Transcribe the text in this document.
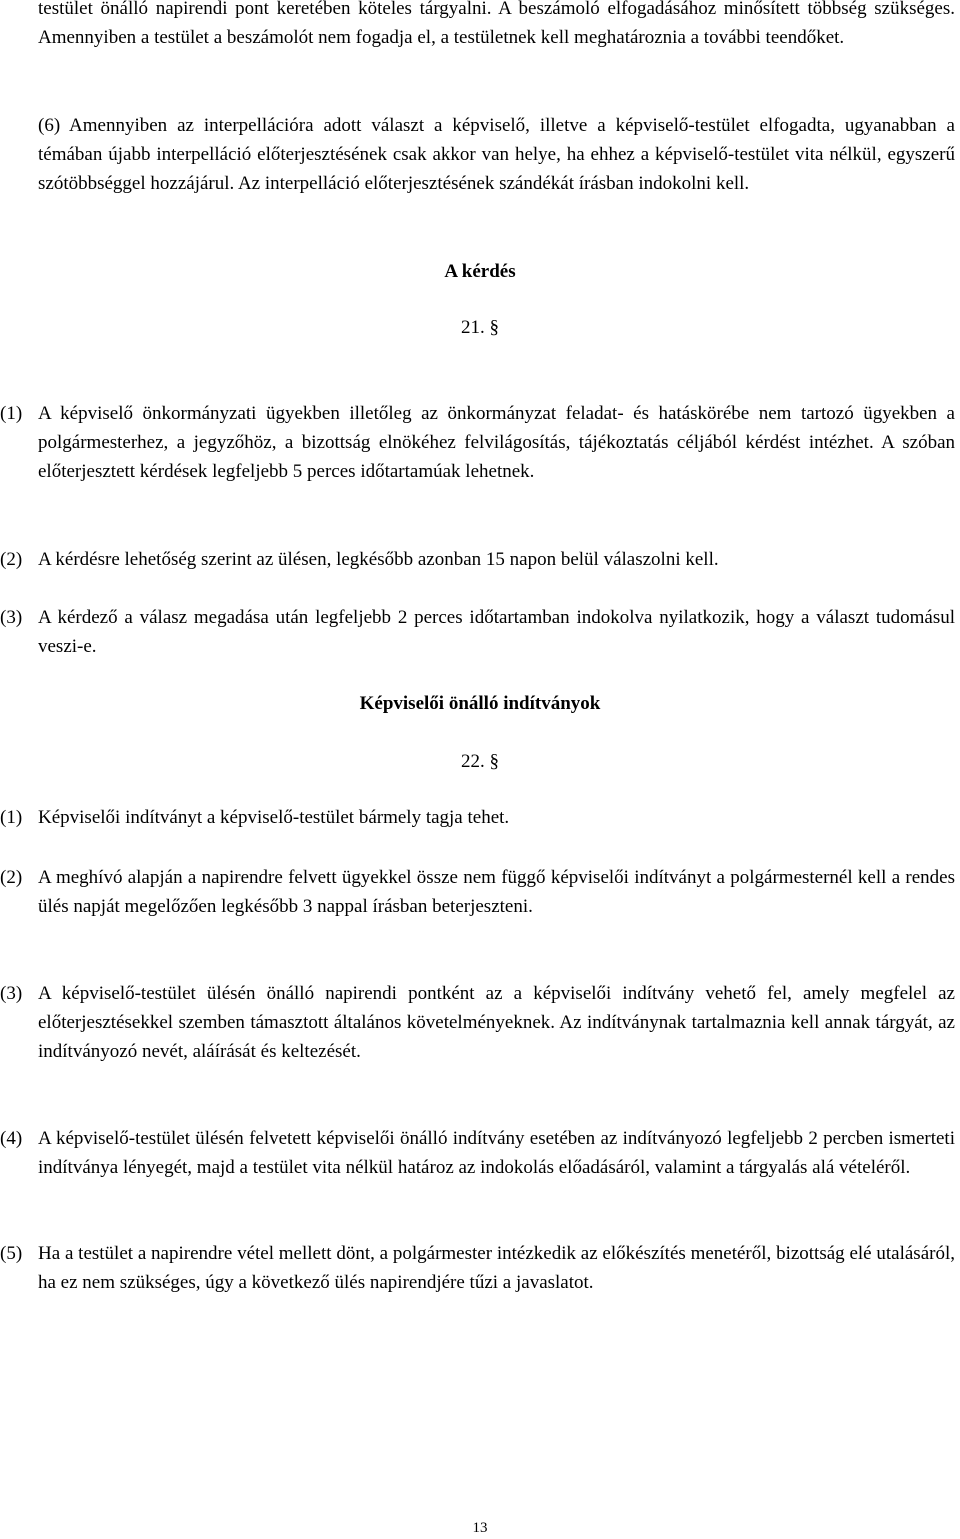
testület önálló napirendi pont keretében köteles tárgyalni. A beszámoló elfogadásához minősített többség szükséges. Amennyiben a testület a beszámolót nem fogadja el, a testületnek kell meghatároznia a további teendőket.
(6) Amennyiben az interpellációra adott választ a képviselő, illetve a képviselő-testület elfogadta, ugyanabban a témában újabb interpelláció előterjesztésének csak akkor van helye, ha ehhez a képviselő-testület vita nélkül, egyszerű szótöbbséggel hozzájárul. Az interpelláció előterjesztésének szándékát írásban indokolni kell.
A kérdés
21. §
(1) A képviselő önkormányzati ügyekben illetőleg az önkormányzat feladat- és hatáskörébe nem tartozó ügyekben a polgármesterhez, a jegyzőhöz, a bizottság elnökéhez felvilágosítás, tájékoztatás céljából kérdést intézhet. A szóban előterjesztett kérdések legfeljebb 5 perces időtartamúak lehetnek.
(2) A kérdésre lehetőség szerint az ülésen, legkésőbb azonban 15 napon belül válaszolni kell.
(3) A kérdező a válasz megadása után legfeljebb 2 perces időtartamban indokolva nyilatkozik, hogy a választ tudomásul veszi-e.
Képviselői önálló indítványok
22. §
(1) Képviselői indítványt a képviselő-testület bármely tagja tehet.
(2) A meghívó alapján a napirendre felvett ügyekkel össze nem függő képviselői indítványt a polgármesternél kell a rendes ülés napját megelőzően legkésőbb 3 nappal írásban beterjeszteni.
(3) A képviselő-testület ülésén önálló napirendi pontként az a képviselői indítvány vehető fel, amely megfelel az előterjesztésekkel szemben támasztott általános követelményeknek. Az indítványnak tartalmaznia kell annak tárgyát, az indítványozó nevét, aláírását és keltezését.
(4) A képviselő-testület ülésén felvetett képviselői önálló indítvány esetében az indítványozó legfeljebb 2 percben ismerteti indítványa lényegét, majd a testület vita nélkül határoz az indokolás előadásáról, valamint a tárgyalás alá vételéről.
(5) Ha a testület a napirendre vétel mellett dönt, a polgármester intézkedik az előkészítés menetéről, bizottság elé utalásáról, ha ez nem szükséges, úgy a következő ülés napirendjére tűzi a javaslatot.
13
